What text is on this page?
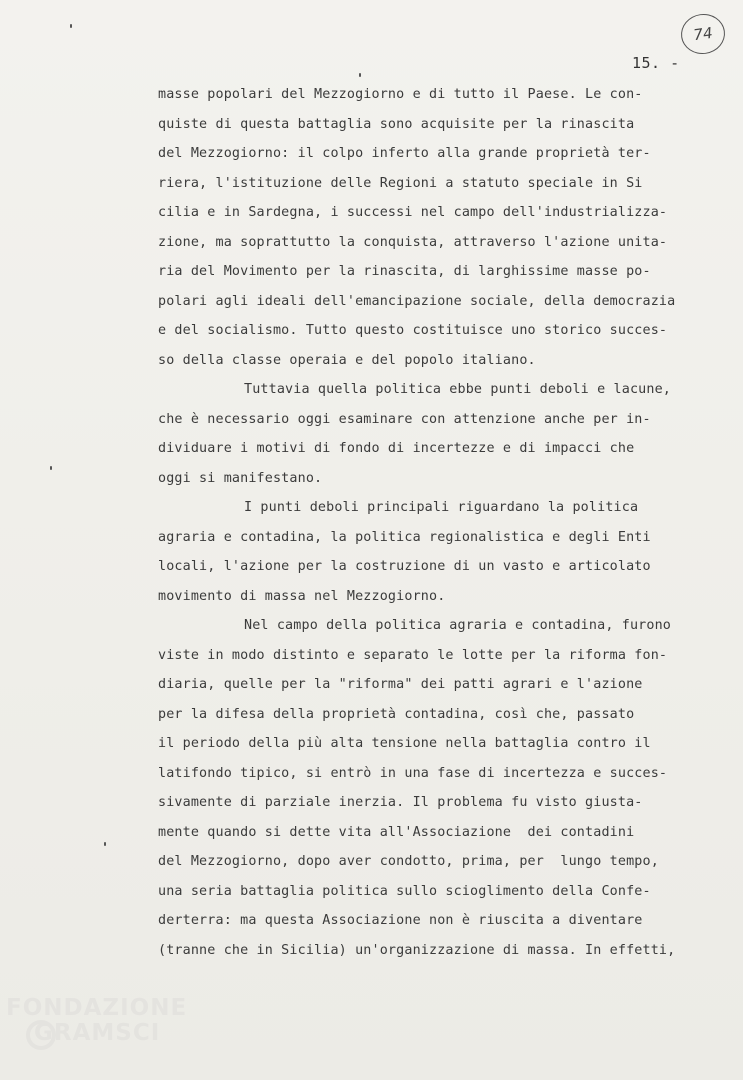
74
15. -
masse popolari del Mezzogiorno e di tutto il Paese. Le con-
quiste di questa battaglia sono acquisite per la rinascita
del Mezzogiorno: il colpo inferto alla grande proprietà ter-
riera, l'istituzione delle Regioni a statuto speciale in Si
cilia e in Sardegna, i successi nel campo dell'industrializza-
zione, ma soprattutto la conquista, attraverso l'azione unita-
ria del Movimento per la rinascita, di larghissime masse po-
polari agli ideali dell'emancipazione sociale, della democrazia
e del socialismo. Tutto questo costituisce uno storico succes-
so della classe operaia e del popolo italiano.
Tuttavia quella politica ebbe punti deboli e lacune,
che è necessario oggi esaminare con attenzione anche per in-
dividuare i motivi di fondo di incertezze e di impacci che
oggi si manifestano.
I punti deboli principali riguardano la politica
agraria e contadina, la politica regionalistica e degli Enti
locali, l'azione per la costruzione di un vasto e articolato
movimento di massa nel Mezzogiorno.
Nel campo della politica agraria e contadina, furono
viste in modo distinto e separato le lotte per la riforma fon-
diaria, quelle per la "riforma" dei patti agrari e l'azione
per la difesa della proprietà contadina, così che, passato
il periodo della più alta tensione nella battaglia contro il
latifondo tipico, si entrò in una fase di incertezza e succes-
sivamente di parziale inerzia. Il problema fu visto giusta-
mente quando si dette vita all'Associazione  dei contadini
del Mezzogiorno, dopo aver condotto, prima, per  lungo tempo,
una seria battaglia politica sullo scioglimento della Confe-
derterra: ma questa Associazione non è riuscita a diventare
(tranne che in Sicilia) un'organizzazione di massa. In effetti,
FONDAZIONE
GRAMSCI
